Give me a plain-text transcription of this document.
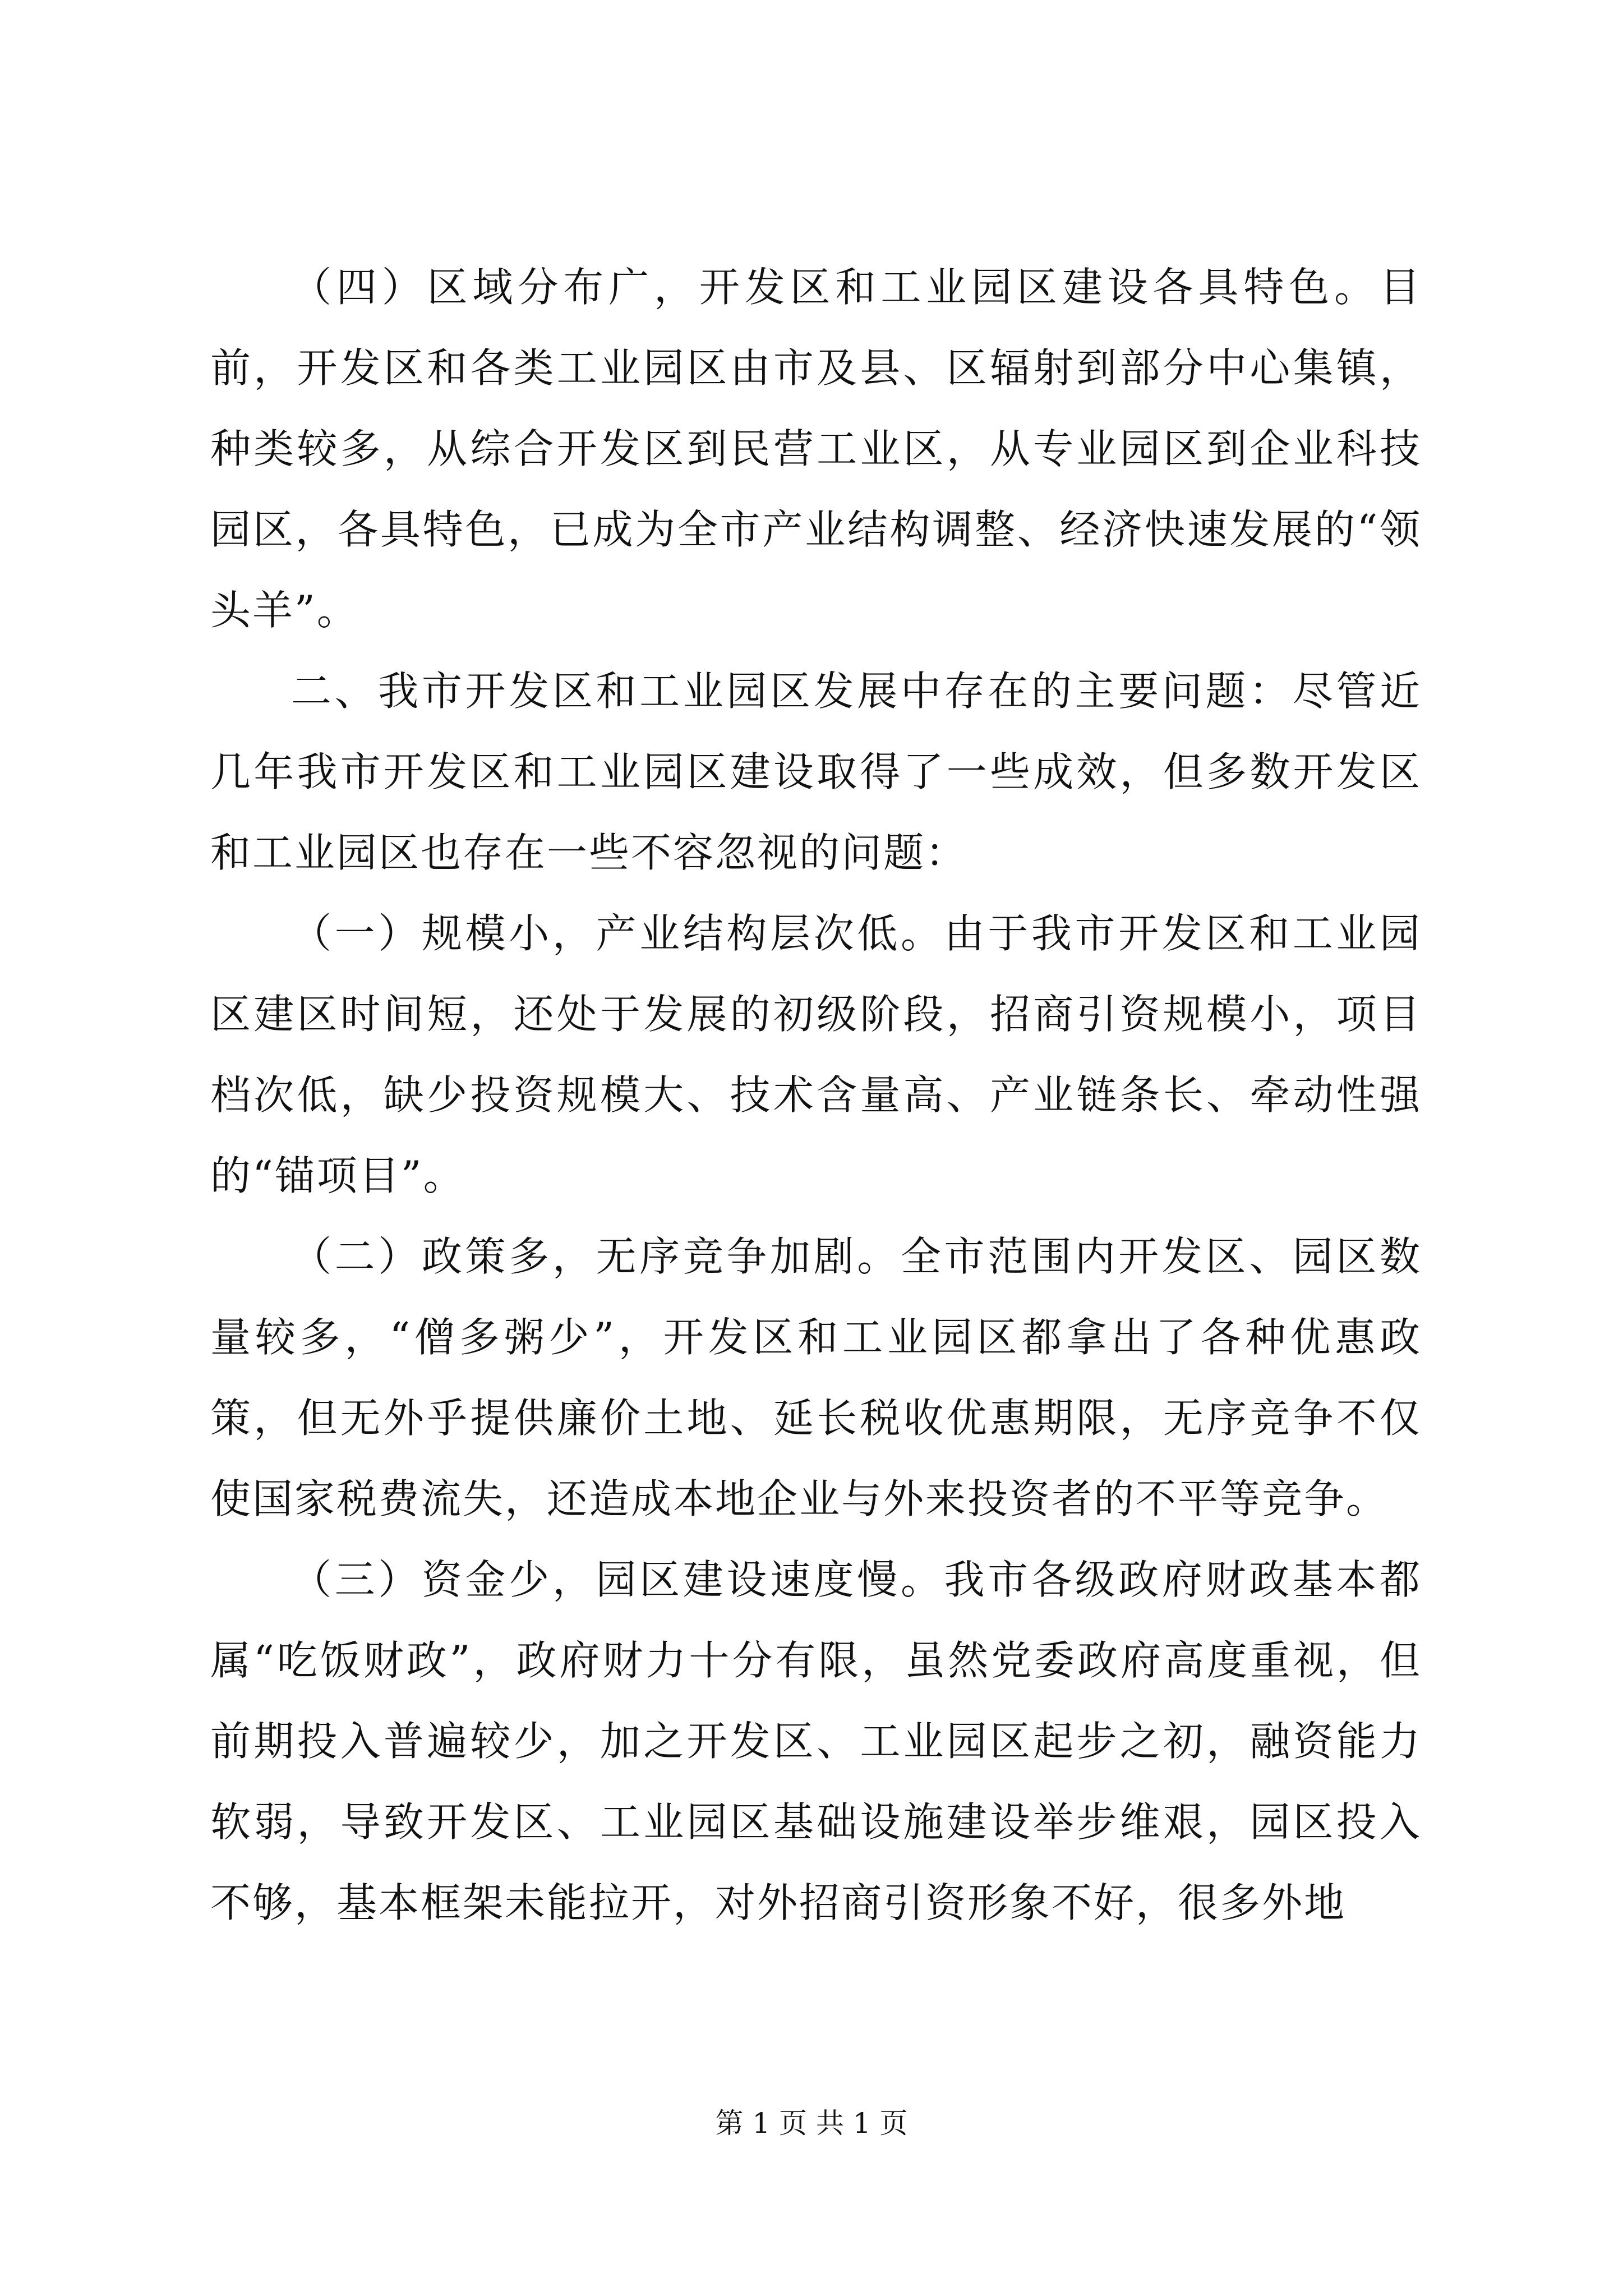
（四）区域分布广，开发区和工业园区建设各具特色。目前，开发区和各类工业园区由市及县、区辐射到部分中心集镇，种类较多，从综合开发区到民营工业区，从专业园区到企业科技园区，各具特色，已成为全市产业结构调整、经济快速发展的“领头羊”。

二、我市开发区和工业园区发展中存在的主要问题：尽管近几年我市开发区和工业园区建设取得了一些成效，但多数开发区和工业园区也存在一些不容忽视的问题：

（一）规模小，产业结构层次低。由于我市开发区和工业园区建区时间短，还处于发展的初级阶段，招商引资规模小，项目档次低，缺少投资规模大、技术含量高、产业链条长、牵动性强的“锚项目”。

（二）政策多，无序竞争加剧。全市范围内开发区、园区数量较多，“僧多粥少”，开发区和工业园区都拿出了各种优惠政策，但无外乎提供廉价土地、延长税收优惠期限，无序竞争不仅使国家税费流失，还造成本地企业与外来投资者的不平等竞争。

（三）资金少，园区建设速度慢。我市各级政府财政基本都属“吃饭财政”，政府财力十分有限，虽然党委政府高度重视，但前期投入普遍较少，加之开发区、工业园区起步之初，融资能力软弱，导致开发区、工业园区基础设施建设举步维艰，园区投入不够，基本框架未能拉开，对外招商引资形象不好，很多外地

第 1 页 共 1 页
